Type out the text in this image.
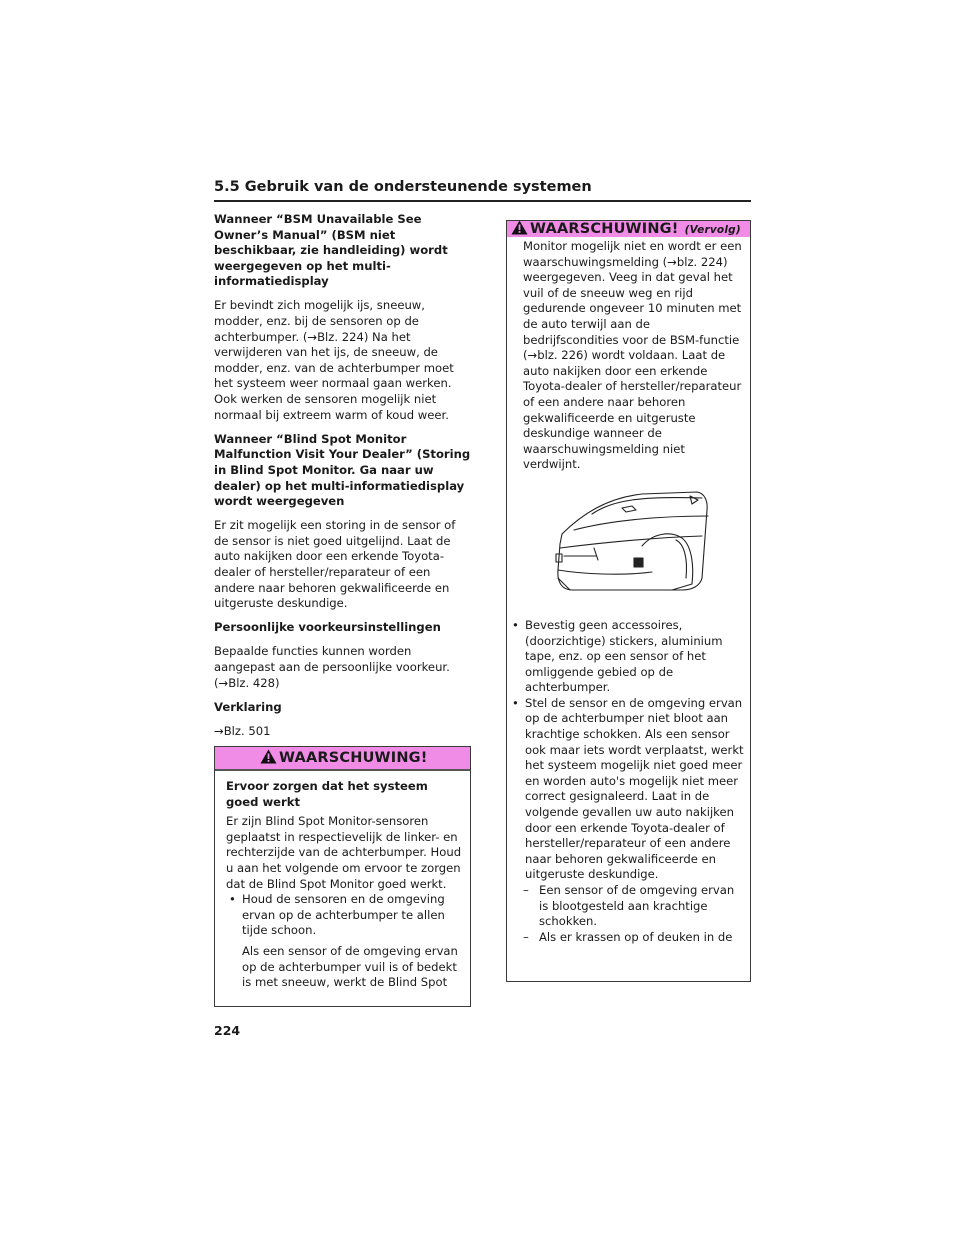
5.5 Gebruik van de ondersteunende systemen

Wanneer “BSM Unavailable See Owner’s Manual” (BSM niet beschikbaar, zie handleiding) wordt weergegeven op het multi-informatiedisplay

Er bevindt zich mogelijk ijs, sneeuw, modder, enz. bij de sensoren op de achterbumper. (→Blz. 224) Na het verwijderen van het ijs, de sneeuw, de modder, enz. van de achterbumper moet het systeem weer normaal gaan werken. Ook werken de sensoren mogelijk niet normaal bij extreem warm of koud weer.

Wanneer “Blind Spot Monitor Malfunction Visit Your Dealer” (Storing in Blind Spot Monitor. Ga naar uw dealer) op het multi-informatiedisplay wordt weergegeven

Er zit mogelijk een storing in de sensor of de sensor is niet goed uitgelijnd. Laat de auto nakijken door een erkende Toyota-dealer of hersteller/reparateur of een andere naar behoren gekwalificeerde en uitgeruste deskundige.

Persoonlijke voorkeursinstellingen

Bepaalde functies kunnen worden aangepast aan de persoonlijke voorkeur. (→Blz. 428)

Verklaring

→Blz. 501

WAARSCHUWING!

Ervoor zorgen dat het systeem goed werkt

Er zijn Blind Spot Monitor-sensoren geplaatst in respectievelijk de linker- en rechterzijde van de achterbumper. Houd u aan het volgende om ervoor te zorgen dat de Blind Spot Monitor goed werkt.

• Houd de sensoren en de omgeving ervan op de achterbumper te allen tijde schoon.
Als een sensor of de omgeving ervan op de achterbumper vuil is of bedekt is met sneeuw, werkt de Blind Spot
WAARSCHUWING! (Vervolg)

Monitor mogelijk niet en wordt er een waarschuwingsmelding (→blz. 224) weergegeven. Veeg in dat geval het vuil of de sneeuw weg en rijd gedurende ongeveer 10 minuten met de auto terwijl aan de bedrijfscondities voor de BSM-functie (→blz. 226) wordt voldaan. Laat de auto nakijken door een erkende Toyota-dealer of hersteller/reparateur of een andere naar behoren gekwalificeerde en uitgeruste deskundige wanneer de waarschuwingsmelding niet verdwijnt.

• Bevestig geen accessoires, (doorzichtige) stickers, aluminium tape, enz. op een sensor of het omliggende gebied op de achterbumper.
• Stel de sensor en de omgeving ervan op de achterbumper niet bloot aan krachtige schokken. Als een sensor ook maar iets wordt verplaatst, werkt het systeem mogelijk niet goed meer en worden auto's mogelijk niet meer correct gesignaleerd. Laat in de volgende gevallen uw auto nakijken door een erkende Toyota-dealer of hersteller/reparateur of een andere naar behoren gekwalificeerde en uitgeruste deskundige.
– Een sensor of de omgeving ervan is blootgesteld aan krachtige schokken.
– Als er krassen op of deuken in de
224
